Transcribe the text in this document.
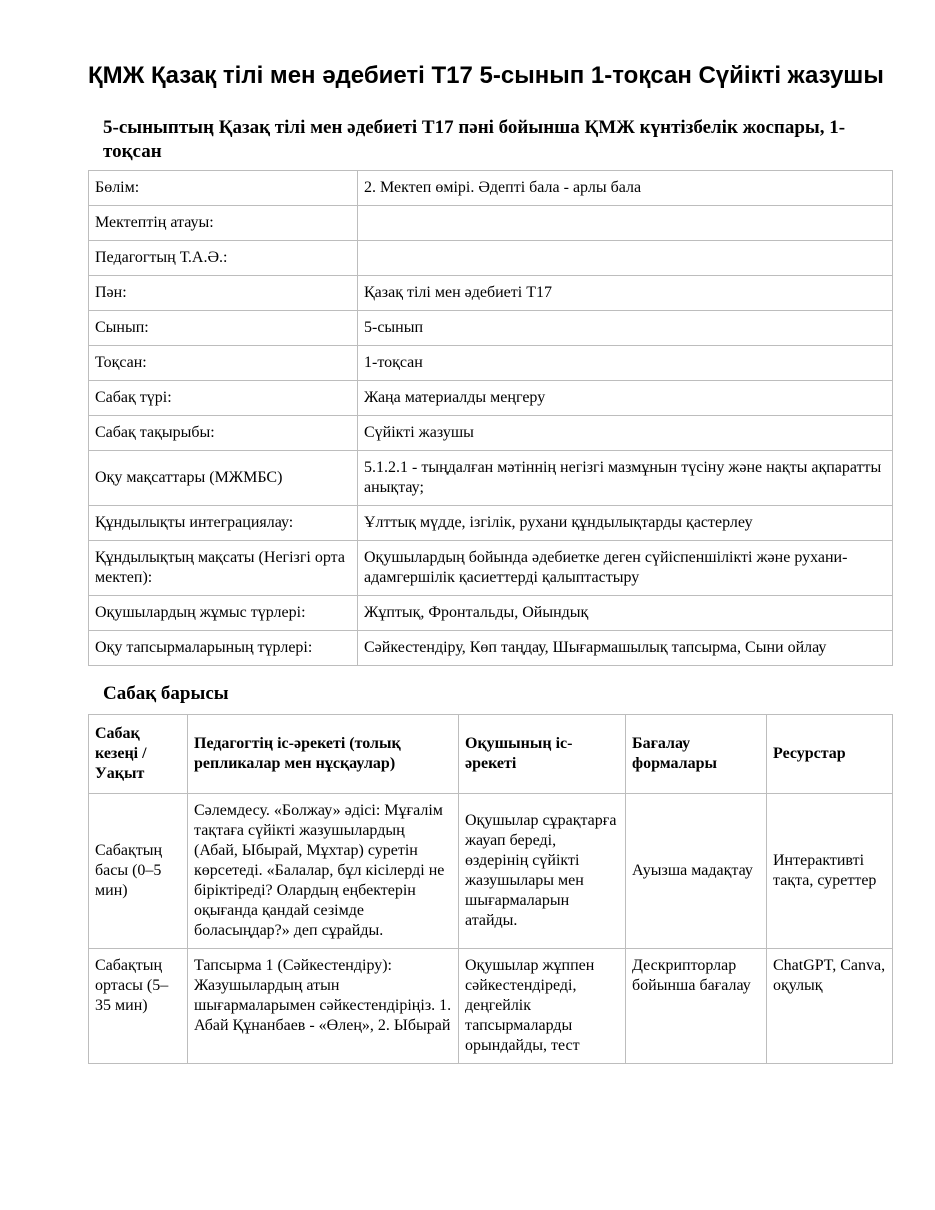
ҚМЖ Қазақ тілі мен әдебиеті Т17 5-сынып 1-тоқсан Сүйікті жазушы
5-сыныптың Қазақ тілі мен әдебиеті Т17 пәні бойынша ҚМЖ күнтізбелік жоспары, 1-тоқсан
Бөлім:	2. Мектеп өмірі. Әдепті бала - арлы бала
Мектептің атауы:	
Педагогтың Т.А.Ә.:	
Пән:	Қазақ тілі мен әдебиеті Т17
Сынып:	5-сынып
Тоқсан:	1-тоқсан
Сабақ түрі:	Жаңа материалды меңгеру
Сабақ тақырыбы:	Сүйікті жазушы
Оқу мақсаттары (МЖМБС)	5.1.2.1 - тыңдалған мәтіннің негізгі мазмұнын түсіну және нақты ақпаратты анықтау;
Құндылықты интеграциялау:	Ұлттық мүдде, ізгілік, рухани құндылықтарды қастерлеу
Құндылықтың мақсаты (Негізгі орта мектеп):	Оқушылардың бойында әдебиетке деген сүйіспеншілікті және рухани-адамгершілік қасиеттерді қалыптастыру
Оқушылардың жұмыс түрлері:	Жұптық, Фронтальды, Ойындық
Оқу тапсырмаларының түрлері:	Сәйкестендіру, Көп таңдау, Шығармашылық тапсырма, Сыни ойлау
Сабақ барысы
Сабақ кезеңі / Уақыт	Педагогтің іс-әрекеті (толық репликалар мен нұсқаулар)	Оқушының іс-әрекеті	Бағалау формалары	Ресурстар
Сабақтың басы (0–5 мин)	Сәлемдесу. «Болжау» әдісі: Мұғалім тақтаға сүйікті жазушылардың (Абай, Ыбырай, Мұхтар) суретін көрсетеді. «Балалар, бұл кісілерді не біріктіреді? Олардың еңбектерін оқығанда қандай сезімде боласыңдар?» деп сұрайды.	Оқушылар сұрақтарға жауап береді, өздерінің сүйікті жазушылары мен шығармаларын атайды.	Ауызша мадақтау	Интерактивті тақта, суреттер
Сабақтың ортасы (5–35 мин)	Тапсырма 1 (Сәйкестендіру): Жазушылардың атын шығармаларымен сәйкестендіріңіз. 1. Абай Құнанбаев - «Өлең», 2. Ыбырай	Оқушылар жұппен сәйкестендіреді, деңгейлік тапсырмаларды орындайды, тест	Дескрипторлар бойынша бағалау	ChatGPT, Canva, оқулық
